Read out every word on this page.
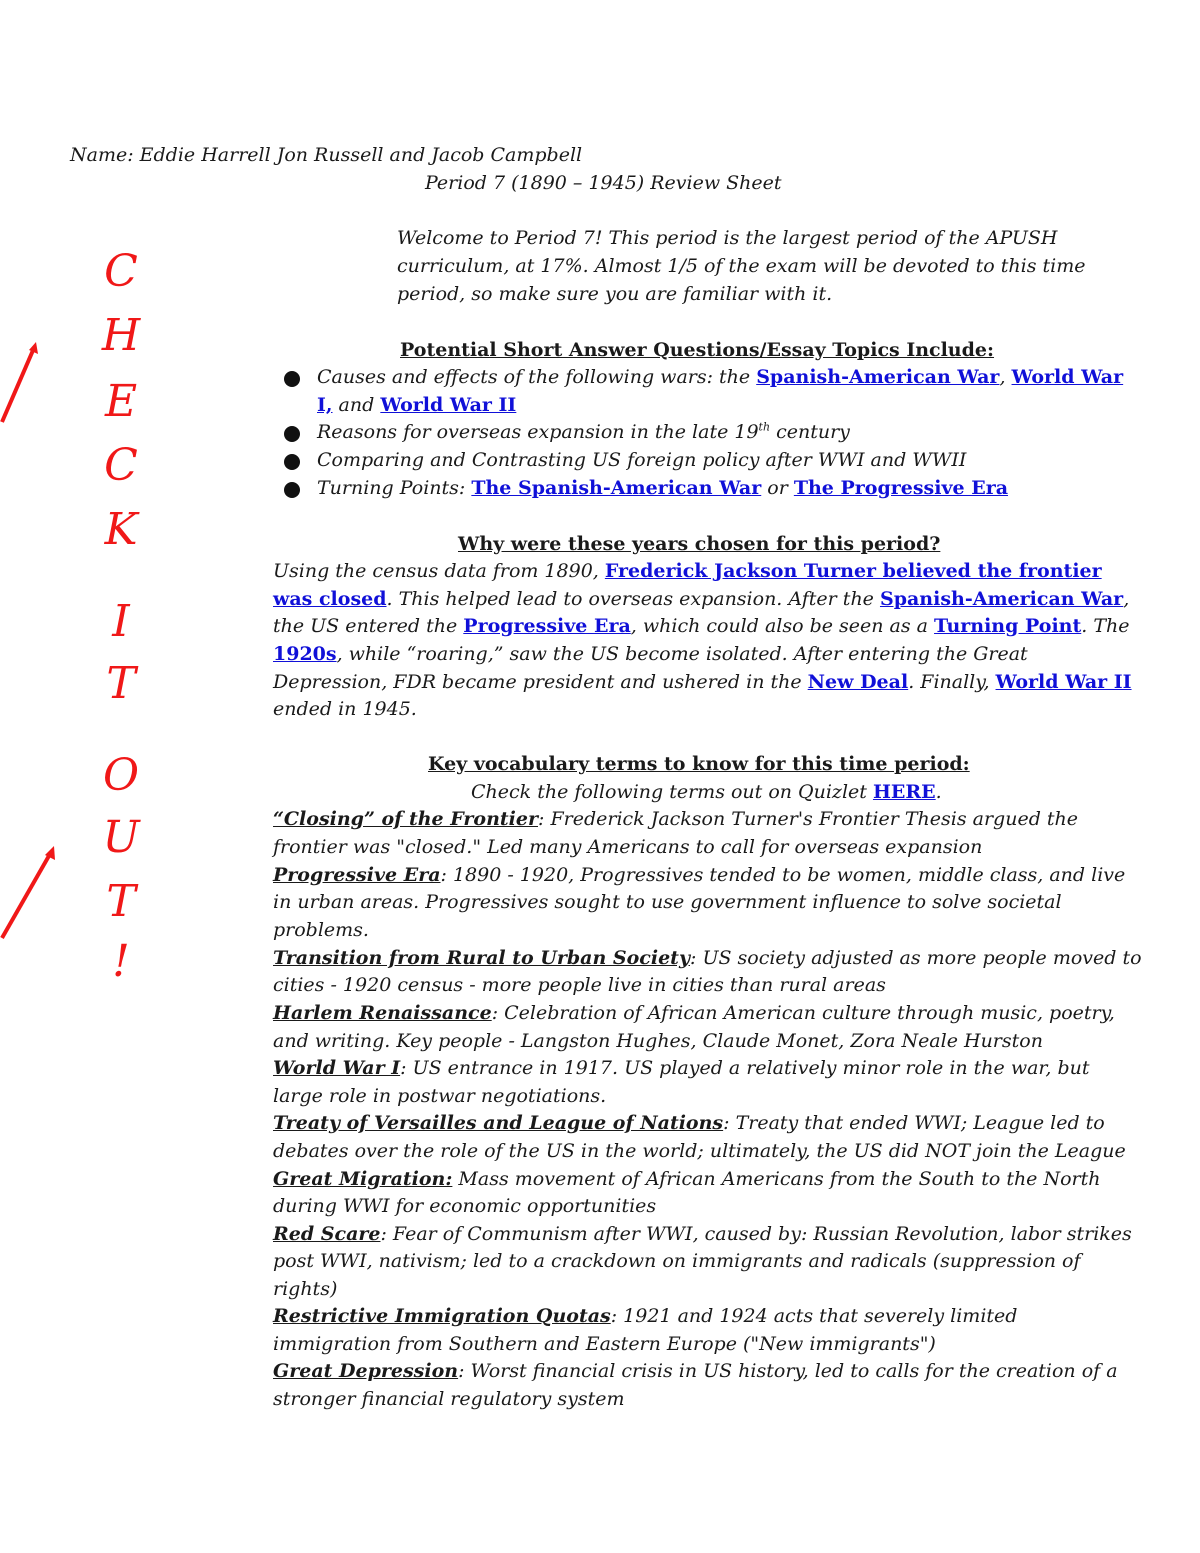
Name: Eddie Harrell Jon Russell and Jacob Campbell
Period 7 (1890 – 1945) Review Sheet
C
H
E
C
K
I
T
O
U
T
!
Welcome to Period 7! This period is the largest period of the APUSH
curriculum, at 17%. Almost 1/5 of the exam will be devoted to this time
period, so make sure you are familiar with it.
Potential Short Answer Questions/Essay Topics Include:
Causes and effects of the following wars: the Spanish-American War, World War
I, and World War II
Reasons for overseas expansion in the late 19th century
Comparing and Contrasting US foreign policy after WWI and WWII
Turning Points: The Spanish-American War or The Progressive Era
Why were these years chosen for this period?
Using the census data from 1890, Frederick Jackson Turner believed the frontier
was closed. This helped lead to overseas expansion. After the Spanish-American War,
the US entered the Progressive Era, which could also be seen as a Turning Point. The
1920s, while “roaring,” saw the US become isolated. After entering the Great
Depression, FDR became president and ushered in the New Deal. Finally, World War II
ended in 1945.
Key vocabulary terms to know for this time period:
Check the following terms out on Quizlet HERE.
“Closing” of the Frontier: Frederick Jackson Turner's Frontier Thesis argued the
frontier was "closed." Led many Americans to call for overseas expansion
Progressive Era: 1890 - 1920, Progressives tended to be women, middle class, and live
in urban areas. Progressives sought to use government influence to solve societal
problems.
Transition from Rural to Urban Society: US society adjusted as more people moved to
cities - 1920 census - more people live in cities than rural areas
Harlem Renaissance: Celebration of African American culture through music, poetry,
and writing. Key people - Langston Hughes, Claude Monet, Zora Neale Hurston
World War I: US entrance in 1917. US played a relatively minor role in the war, but
large role in postwar negotiations.
Treaty of Versailles and League of Nations: Treaty that ended WWI; League led to
debates over the role of the US in the world; ultimately, the US did NOT join the League
Great Migration: Mass movement of African Americans from the South to the North
during WWI for economic opportunities
Red Scare: Fear of Communism after WWI, caused by: Russian Revolution, labor strikes
post WWI, nativism; led to a crackdown on immigrants and radicals (suppression of
rights)
Restrictive Immigration Quotas: 1921 and 1924 acts that severely limited
immigration from Southern and Eastern Europe ("New immigrants")
Great Depression: Worst financial crisis in US history, led to calls for the creation of a
stronger financial regulatory system
